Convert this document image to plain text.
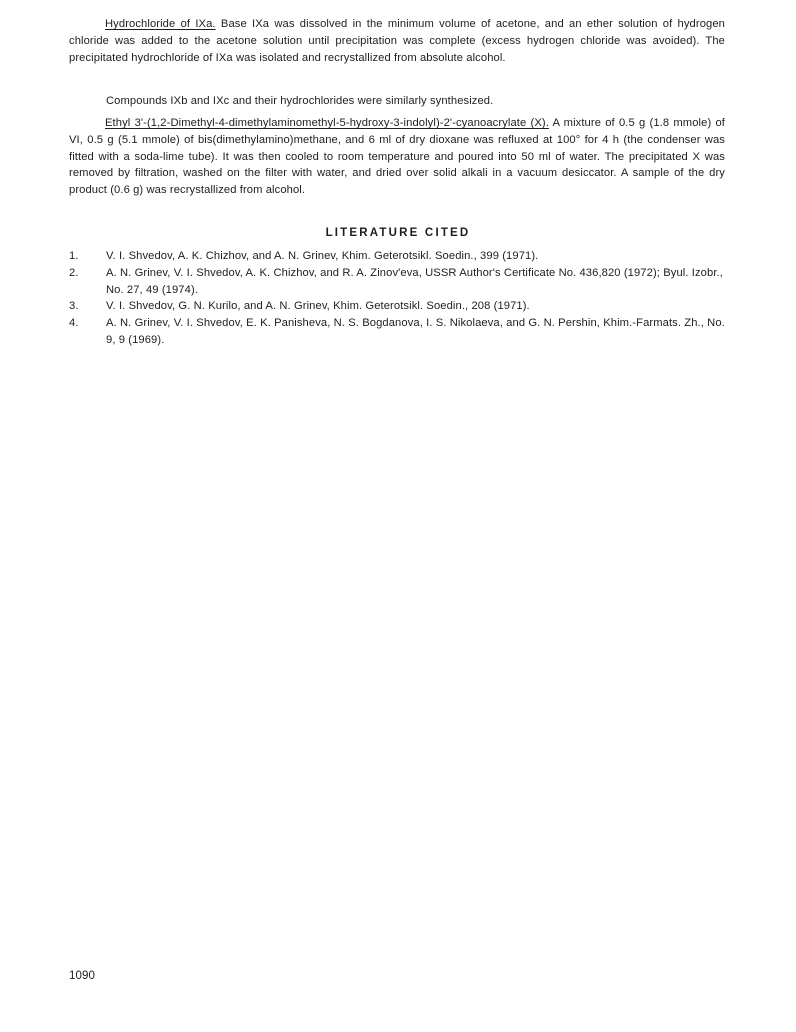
Hydrochloride of IXa. Base IXa was dissolved in the minimum volume of acetone, and an ether solution of hydrogen chloride was added to the acetone solution until precipitation was complete (excess hydrogen chloride was avoided). The precipitated hydrochloride of IXa was isolated and recrystallized from absolute alcohol.

Compounds IXb and IXc and their hydrochlorides were similarly synthesized.

Ethyl 3'-(1,2-Dimethyl-4-dimethylaminomethyl-5-hydroxy-3-indolyl)-2'-cyanoacrylate (X). A mixture of 0.5 g (1.8 mmole) of VI, 0.5 g (5.1 mmole) of bis(dimethylamino)methane, and 6 ml of dry dioxane was refluxed at 100° for 4 h (the condenser was fitted with a soda-lime tube). It was then cooled to room temperature and poured into 50 ml of water. The precipitated X was removed by filtration, washed on the filter with water, and dried over solid alkali in a vacuum desiccator. A sample of the dry product (0.6 g) was recrystallized from alcohol.

LITERATURE CITED
1. V. I. Shvedov, A. K. Chizhov, and A. N. Grinev, Khim. Geterotsikl. Soedin., 399 (1971).
2. A. N. Grinev, V. I. Shvedov, A. K. Chizhov, and R. A. Zinov'eva, USSR Author's Certificate No. 436,820 (1972); Byul. Izobr., No. 27, 49 (1974).
3. V. I. Shvedov, G. N. Kurilo, and A. N. Grinev, Khim. Geterotsikl. Soedin., 208 (1971).
4. A. N. Grinev, V. I. Shvedov, E. K. Panisheva, N. S. Bogdanova, I. S. Nikolaeva, and G. N. Pershin, Khim.-Farmats. Zh., No. 9, 9 (1969).

1090
